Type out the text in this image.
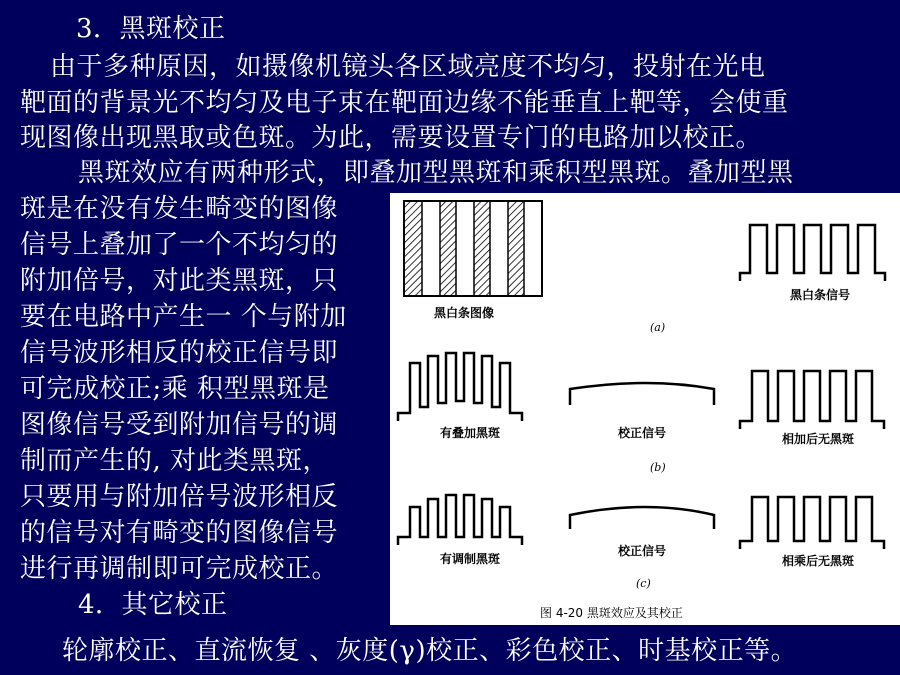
3．黑斑校正
由于多种原因，如摄像机镜头各区域亮度不均匀，投射在光电
靶面的背景光不均匀及电子束在靶面边缘不能垂直上靶等，会使重
现图像出现黑取或色斑。为此，需要设置专门的电路加以校正。
黑斑效应有两种形式，即叠加型黑斑和乘积型黑斑。叠加型黑
斑是在没有发生畸变的图像
信号上叠加了一个不均匀的
附加倍号，对此类黑斑，只
要在电路中产生一 个与附加
信号波形相反的校正信号即
可完成校正;乘 积型黑斑是
图像信号受到附加信号的调
制而产生的, 对此类黑斑，
只要用与附加倍号波形相反
的信号对有畸变的图像信号
进行再调制即可完成校正。
4．其它校正
轮廓校正、直流恢复 、灰度(γ)校正、彩色校正、时基校正等。
黑白条图像
黑白条信号
(a)
有叠加黑斑	校正信号	相加后无黑斑
(b)
有调制黑斑
校正信号
相乘后无黑斑
(c)
图 4-20 黑斑效应及其校正
